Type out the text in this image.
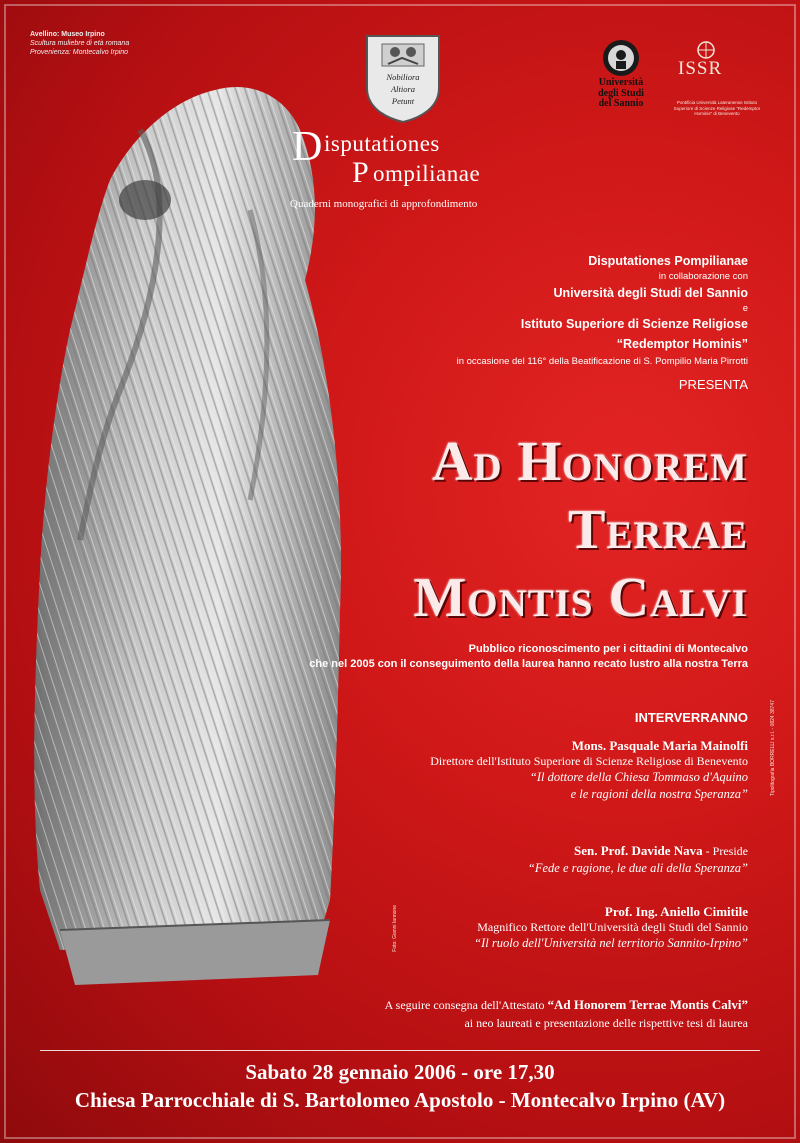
Avellino: Museo Irpino
Scultura muliebre di età romana
Provenienza: Montecalvo Irpino
Nobiliora
Altiora
Petunt
D isputationes
P ompilianae
Quaderni monografici di approfondimento
Università degli Studi del Sannio
ISSR
Pontificia Università Lateranense Istituto Superiore di Scienze Religiose "Redemptor Hominis" di Benevento
Disputationes Pompilianae
in collaborazione con
Università degli Studi del Sannio
e
Istituto Superiore di Scienze Religiose
“Redemptor Hominis”
in occasione del 116° della Beatificazione di S. Pompilio Maria Pirrotti
PRESENTA
Ad Honorem
Terrae
Montis Calvi
Pubblico riconoscimento per i cittadini di Montecalvo
che nel 2005 con il conseguimento della laurea hanno recato lustro alla nostra Terra
INTERVERRANNO
Mons. Pasquale Maria Mainolfi
Direttore dell'Istituto Superiore di Scienze Religiose di Benevento
“Il dottore della Chiesa Tommaso d'Aquino
e le ragioni della nostra Speranza”
Sen. Prof. Davide Nava - Preside
“Fede e ragione, le due ali della Speranza”
Prof. Ing. Aniello Cimitile
Magnifico Rettore dell'Università degli Studi del Sannio
“Il ruolo dell'Università nel territorio Sannito-Irpino”
A seguire consegna dell'Attestato “Ad Honorem Terrae Montis Calvi”
ai neo laureati e presentazione delle rispettive tesi di laurea
Sabato 28 gennaio 2006 - ore 17,30
Chiesa Parrocchiale di S. Bartolomeo Apostolo - Montecalvo Irpino (AV)
Tipolitografia BORRELLI s.r.l. - 0824 38747
Foto: Gianni Iannone
